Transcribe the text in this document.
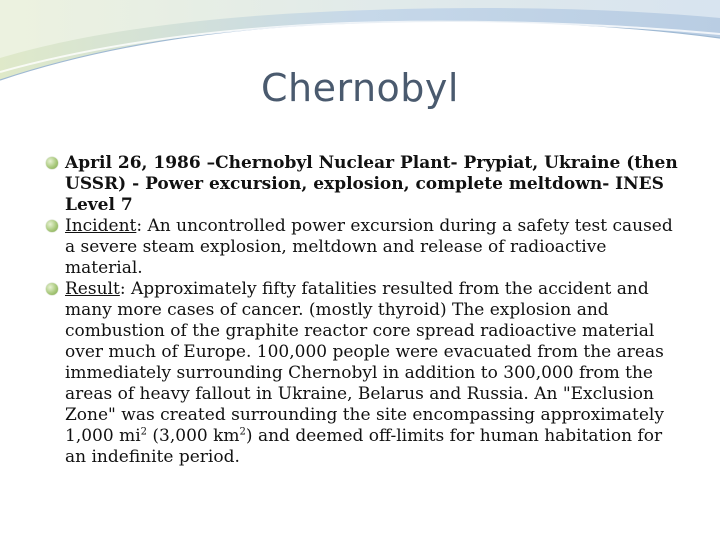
Chernobyl
April 26, 1986 –Chernobyl Nuclear Plant- Prypiat, Ukraine (then USSR) - Power excursion, explosion, complete meltdown- INES Level 7
Incident: An uncontrolled power excursion during a safety test caused a severe steam explosion, meltdown and release of radioactive material.
Result: Approximately fifty fatalities resulted from the accident and many more cases of cancer. (mostly thyroid) The explosion and combustion of the graphite reactor core spread radioactive material over much of Europe. 100,000 people were evacuated from the areas immediately surrounding Chernobyl in addition to 300,000 from the areas of heavy fallout in Ukraine, Belarus and Russia. An "Exclusion Zone" was created surrounding the site encompassing approximately 1,000 $mi^2$ (3,000 $km^2$) and deemed off-limits for human habitation for an indefinite period.
